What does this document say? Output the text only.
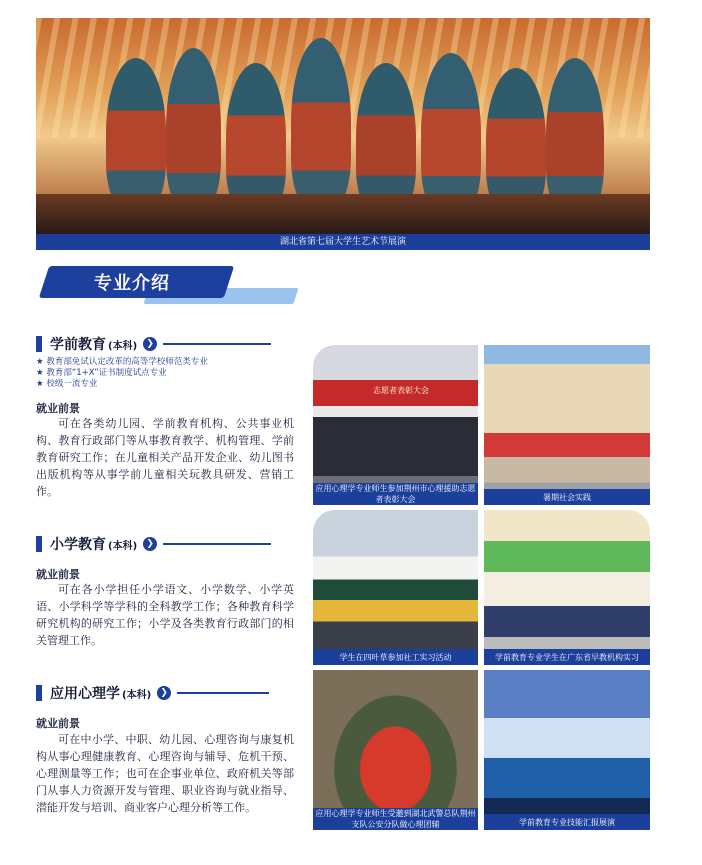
湖北省第七届大学生艺术节展演
专业介绍
学前教育 (本科)	❯
★ 教育部免试认定改革的高等学校师范类专业
★ 教育部“1+X”证书制度试点专业
★ 校级一流专业
就业前景
可在各类幼儿园、学前教育机构、公共事业机构、教育行政部门等从事教育教学、机构管理、学前教育研究工作；在儿童相关产品开发企业、幼儿图书出版机构等从事学前儿童相关玩教具研发、营销工作。
小学教育 (本科)	❯
就业前景
可在各小学担任小学语文、小学数学、小学英语、小学科学等学科的全科教学工作；各种教育科学研究机构的研究工作；小学及各类教育行政部门的相关管理工作。
应用心理学 (本科)	❯
就业前景
可在中小学、中职、幼儿园、心理咨询与康复机构从事心理健康教育、心理咨询与辅导、危机干预、心理测量等工作；也可在企事业单位、政府机关等部门从事人力资源开发与管理、职业咨询与就业指导、潜能开发与培训、商业客户心理分析等工作。
志愿者表彰大会
应用心理学专业师生参加荆州市心理援助志愿者表彰大会	暑期社会实践
学生在四叶草参加社工实习活动	学前教育专业学生在广东省早教机构实习
应用心理学专业师生受邀到湖北武警总队荆州支队公安分队做心理团辅	学前教育专业技能汇报展演
